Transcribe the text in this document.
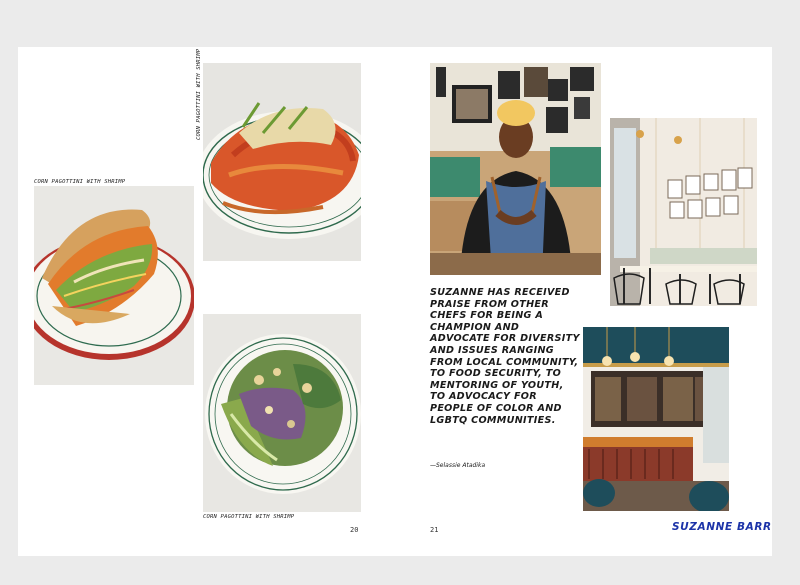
CORN PAGOTTINI WITH SHRIMP
CORN PAGOTTINI WITH SHRIMP
CORN PAGOTTINI WITH SHRIMP
SUZANNE HAS RECEIVED PRAISE FROM OTHER CHEFS FOR BEING A CHAMPION AND ADVOCATE FOR DIVERSITY AND ISSUES RANGING FROM LOCAL COMMUNITY, TO FOOD SECURITY, TO MENTORING OF YOUTH, TO ADVOCACY FOR PEOPLE OF COLOR AND LGBTQ COMMUNITIES.
—Selassie Atadika
20	21	SUZANNE BARR
